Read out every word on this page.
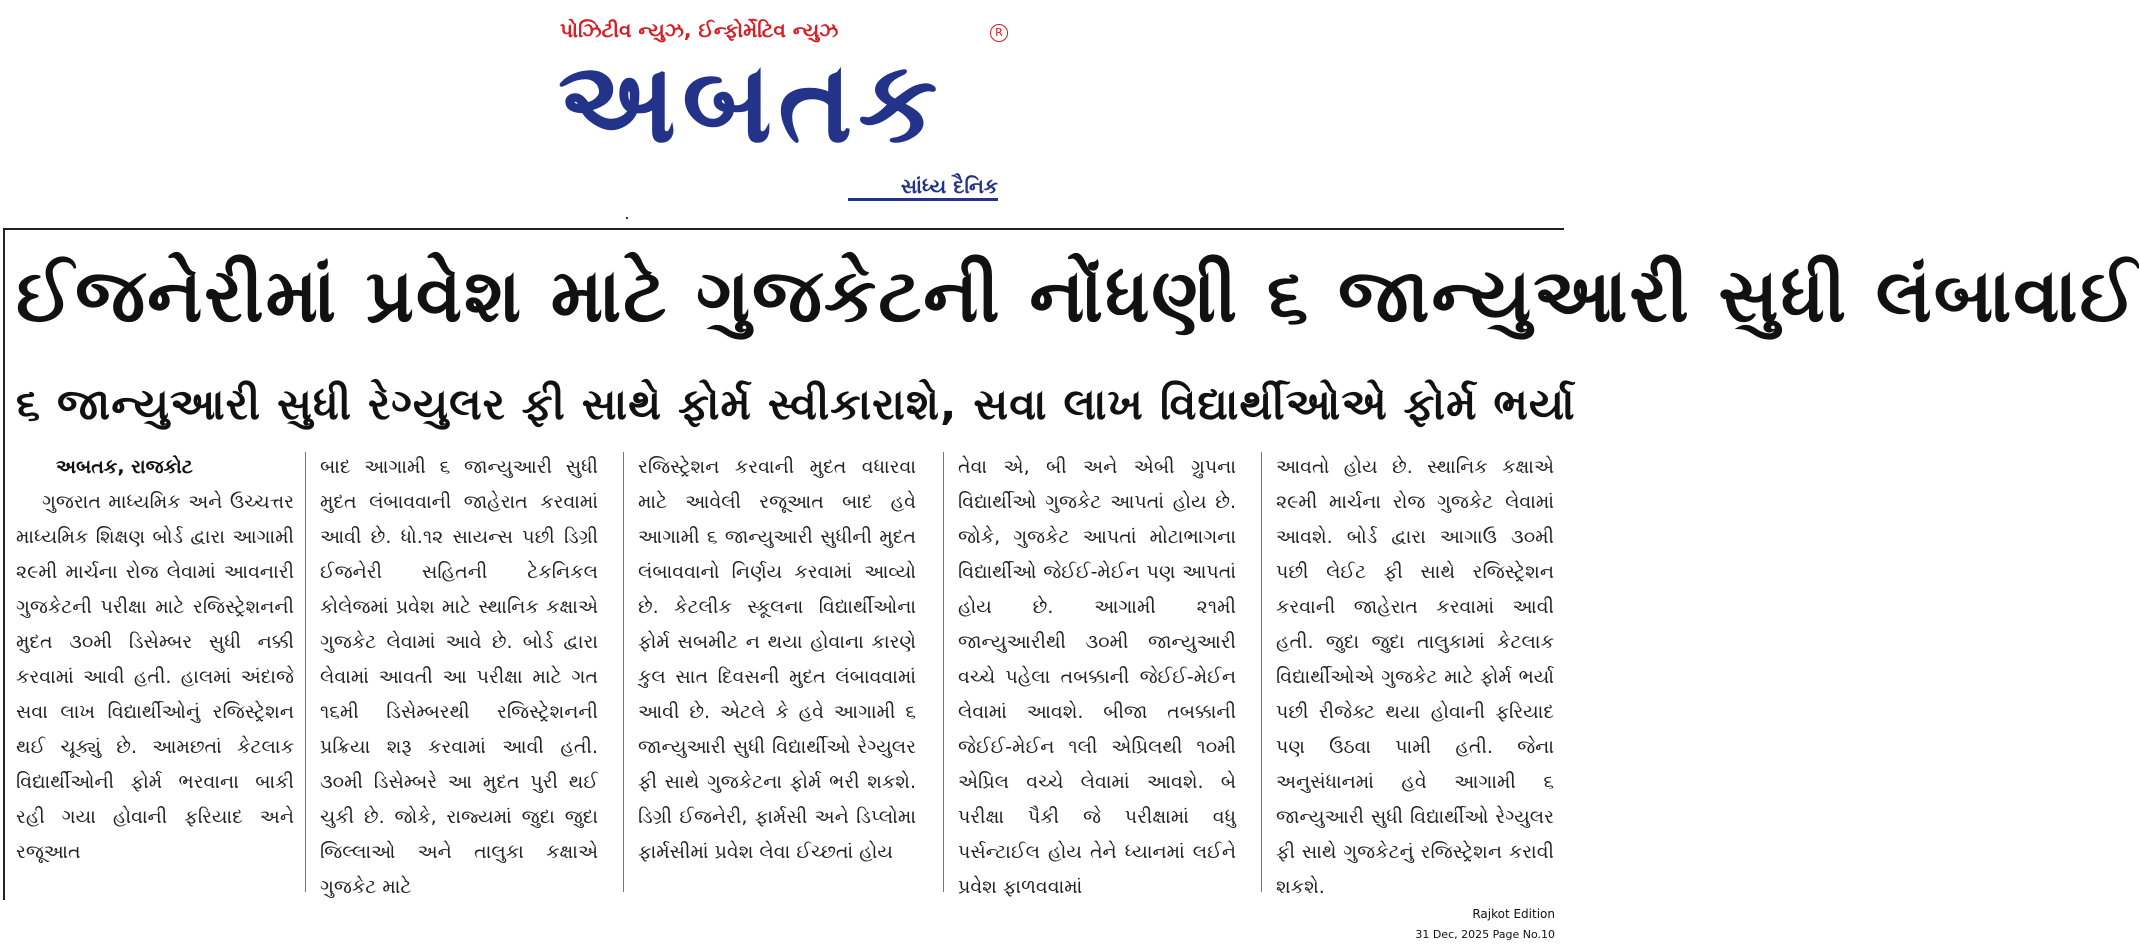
પોઝિટીવ ન્યુઝ, ઈન્ફોર્મેટિવ ન્યુઝ	R
અબતક
સાંધ્ય દૈનિક
ઈજનેરીમાં પ્રવેશ માટે ગુજકેટની નોંધણી ૬ જાન્યુઆરી સુધી લંબાવાઈ
૬ જાન્યુઆરી સુધી રેગ્યુલર ફી સાથે ફોર્મ સ્વીકારાશે, સવા લાખ વિદ્યાર્થીઓએ ફોર્મ ભર્યા
અબતક, રાજકોટ
ગુજરાત માધ્યમિક અને ઉચ્ચત્તર માધ્યમિક શિક્ષણ બોર્ડ દ્વારા આગામી ૨૯મી માર્ચના રોજ લેવામાં આવનારી ગુજકેટની પરીક્ષા માટે રજિસ્ટ્રેશનની મુદત ૩૦મી ડિસેમ્બર સુધી નક્કી કરવામાં આવી હતી. હાલમાં અંદાજે સવા લાખ વિદ્યાર્થીઓનું રજિસ્ટ્રેશન થઈ ચૂક્યું છે. આમછતાં કેટલાક વિદ્યાર્થીઓની ફોર્મ ભરવાના બાકી રહી ગયા હોવાની ફરિયાદ અને રજૂઆત
બાદ આગામી ૬ જાન્યુઆરી સુધી મુદત લંબાવવાની જાહેરાત કરવામાં આવી છે. ધો.૧૨ સાયન્સ પછી ડિગ્રી ઈજનેરી સહિતની ટેકનિકલ કોલેજમાં પ્રવેશ માટે સ્થાનિક કક્ષાએ ગુજકેટ લેવામાં આવે છે. બોર્ડ દ્વારા લેવામાં આવતી આ પરીક્ષા માટે ગત ૧૬મી ડિસેમ્બરથી રજિસ્ટ્રેશનની પ્રક્રિયા શરૂ કરવામાં આવી હતી. ૩૦મી ડિસેમ્બરે આ મુદત પુરી થઈ ચુકી છે. જોકે, રાજ્યમાં જુદા જુદા જિલ્લાઓ અને તાલુકા કક્ષાએ ગુજકેટ માટે
રજિસ્ટ્રેશન કરવાની મુદત વધારવા માટે આવેલી રજૂઆત બાદ હવે આગામી ૬ જાન્યુઆરી સુધીની મુદત લંબાવવાનો નિર્ણય કરવામાં આવ્યો છે. કેટલીક સ્કૂલના વિદ્યાર્થીઓના ફોર્મ સબમીટ ન થયા હોવાના કારણે કુલ સાત દિવસની મુદત લંબાવવામાં આવી છે. એટલે કે હવે આગામી ૬ જાન્યુઆરી સુધી વિદ્યાર્થીઓ રેગ્યુલર ફી સાથે ગુજકેટના ફોર્મ ભરી શકશે. ડિગ્રી ઈજનેરી, ફાર્મસી અને ડિપ્લોમા ફાર્મસીમાં પ્રવેશ લેવા ઈચ્છતાં હોય
તેવા એ, બી અને એબી ગ્રુપના વિદ્યાર્થીઓ ગુજકેટ આપતાં હોય છે. જોકે, ગુજકેટ આપતાં મોટાભાગના વિદ્યાર્થીઓ જેઈઈ-મેઈન પણ આપતાં હોય છે. આગામી ૨૧મી જાન્યુઆરીથી ૩૦મી જાન્યુઆરી વચ્ચે પહેલા તબક્કાની જેઈઈ-મેઈન લેવામાં આવશે. બીજા તબક્કાની જેઈઈ-મેઈન ૧લી એપ્રિલથી ૧૦મી એપ્રિલ વચ્ચે લેવામાં આવશે. બે પરીક્ષા પૈકી જે પરીક્ષામાં વધુ પર્સન્ટાઈલ હોય તેને ધ્યાનમાં લઈને પ્રવેશ ફાળવવામાં
આવતો હોય છે. સ્થાનિક કક્ષાએ ૨૯મી માર્ચના રોજ ગુજકેટ લેવામાં આવશે. બોર્ડ દ્વારા આગાઉ ૩૦મી પછી લેઈટ ફી સાથે રજિસ્ટ્રેશન કરવાની જાહેરાત કરવામાં આવી હતી. જુદા જુદા તાલુકામાં કેટલાક વિદ્યાર્થીઓએ ગુજકેટ માટે ફોર્મ ભર્યા પછી રીજેક્ટ થયા હોવાની ફરિયાદ પણ ઉઠવા પામી હતી. જેના અનુસંધાનમાં હવે આગામી ૬ જાન્યુઆરી સુધી વિદ્યાર્થીઓ રેગ્યુલર ફી સાથે ગુજકેટનું રજિસ્ટ્રેશન કરાવી શકશે.
Rajkot Edition
31 Dec, 2025 Page No.10
